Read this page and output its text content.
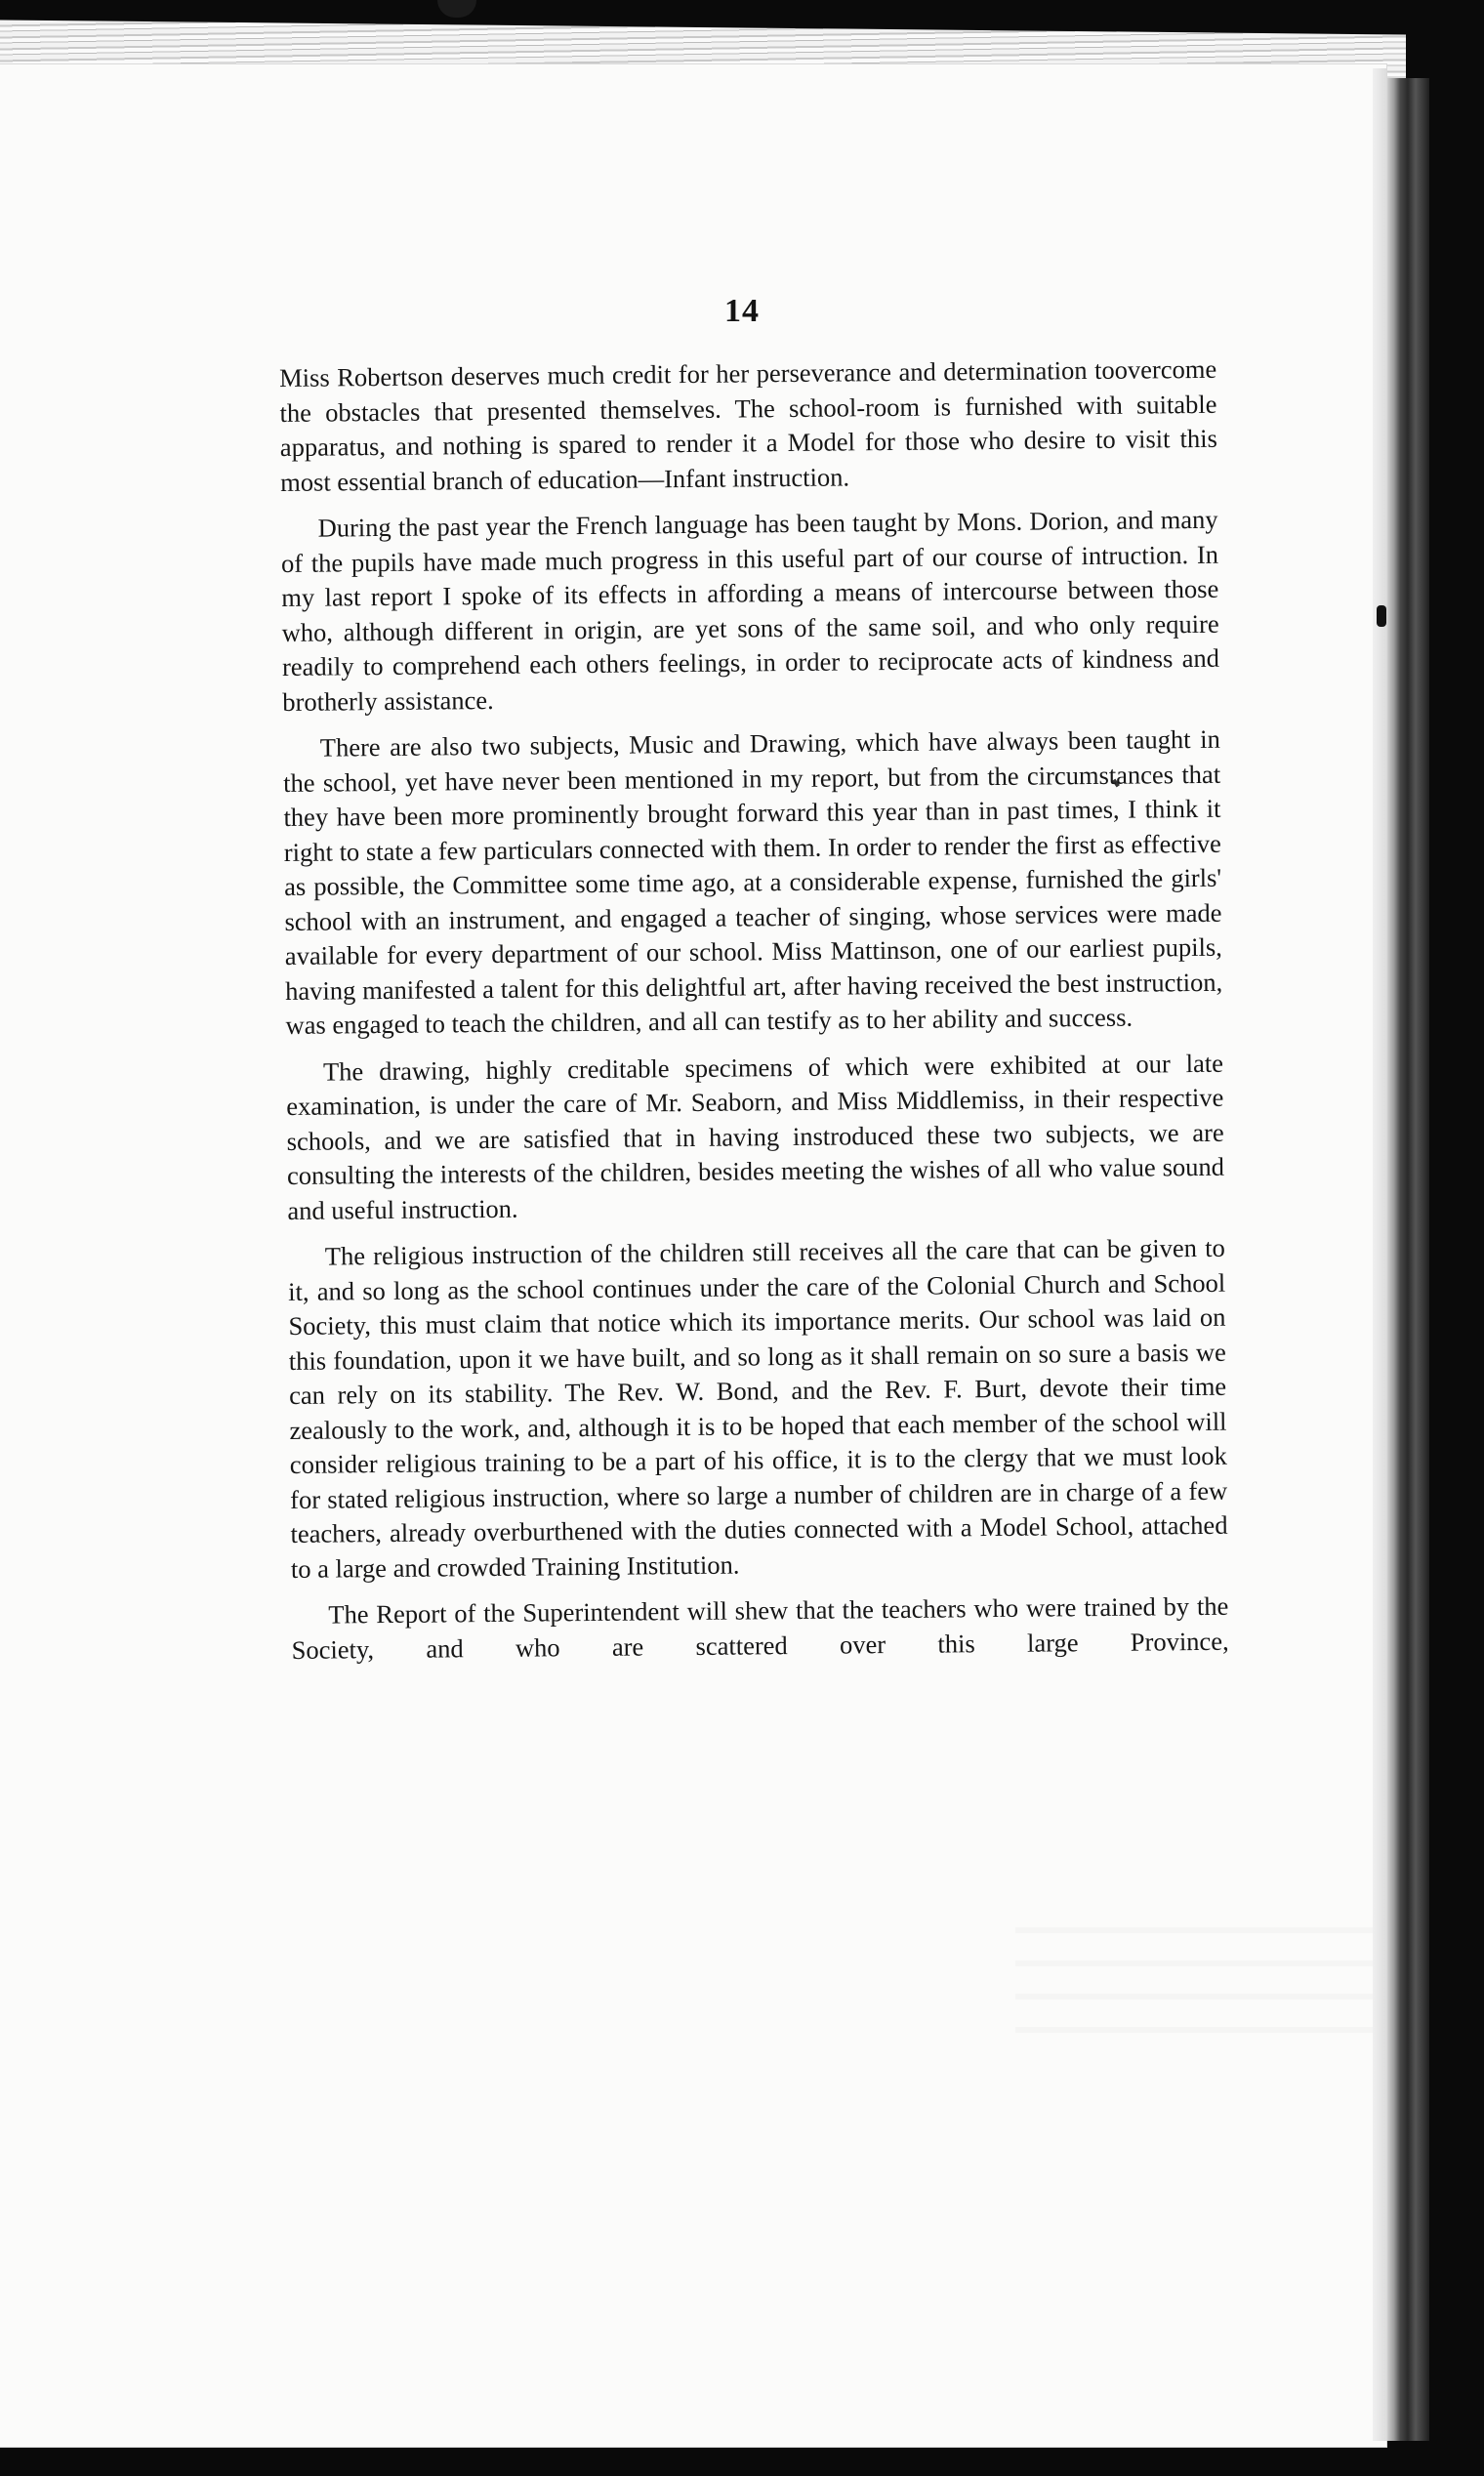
14

Miss Robertson deserves much credit for her perseverance and determination toovercome the obstacles that presented themselves. The school-room is furnished with suitable apparatus, and nothing is spared to render it a Model for those who desire to visit this most essential branch of education—Infant instruction.

During the past year the French language has been taught by Mons. Dorion, and many of the pupils have made much progress in this useful part of our course of intruction. In my last report I spoke of its effects in affording a means of intercourse between those who, although different in origin, are yet sons of the same soil, and who only require readily to comprehend each others feelings, in order to reciprocate acts of kindness and brotherly assistance.

There are also two subjects, Music and Drawing, which have always been taught in the school, yet have never been mentioned in my report, but from the circumstances that they have been more prominently brought forward this year than in past times, I think it right to state a few particulars connected with them. In order to render the first as effective as possible, the Committee some time ago, at a considerable expense, furnished the girls' school with an instrument, and engaged a teacher of singing, whose services were made available for every department of our school. Miss Mattinson, one of our earliest pupils, having manifested a talent for this delightful art, after having received the best instruction, was engaged to teach the children, and all can testify as to her ability and success.

The drawing, highly creditable specimens of which were exhibited at our late examination, is under the care of Mr. Seaborn, and Miss Middlemiss, in their respective schools, and we are satisfied that in having instroduced these two subjects, we are consulting the interests of the children, besides meeting the wishes of all who value sound and useful instruction.

The religious instruction of the children still receives all the care that can be given to it, and so long as the school continues under the care of the Colonial Church and School Society, this must claim that notice which its importance merits. Our school was laid on this foundation, upon it we have built, and so long as it shall remain on so sure a basis we can rely on its stability. The Rev. W. Bond, and the Rev. F. Burt, devote their time zealously to the work, and, although it is to be hoped that each member of the school will consider religious training to be a part of his office, it is to the clergy that we must look for stated religious instruction, where so large a number of children are in charge of a few teachers, already overburthened with the duties connected with a Model School, attached to a large and crowded Training Institution.

The Report of the Superintendent will shew that the teachers who were trained by the Society, and who are scattered over this large Province,
